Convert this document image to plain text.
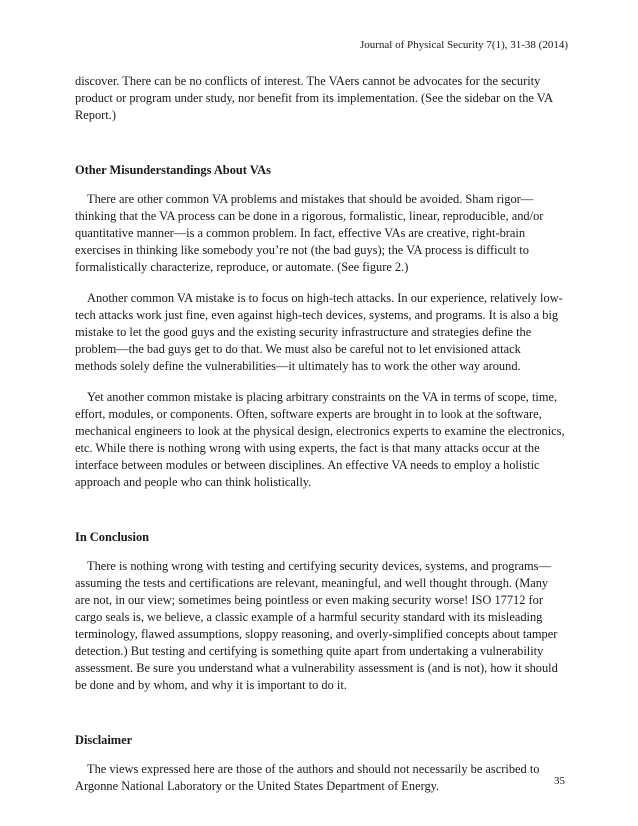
Journal of Physical Security 7(1), 31-38 (2014)

discover. There can be no conflicts of interest. The VAers cannot be advocates for the security product or program under study, nor benefit from its implementation. (See the sidebar on the VA Report.)

Other Misunderstandings About VAs

There are other common VA problems and mistakes that should be avoided. Sham rigor—thinking that the VA process can be done in a rigorous, formalistic, linear, reproducible, and/or quantitative manner—is a common problem. In fact, effective VAs are creative, right-brain exercises in thinking like somebody you’re not (the bad guys); the VA process is difficult to formalistically characterize, reproduce, or automate. (See figure 2.)

Another common VA mistake is to focus on high-tech attacks. In our experience, relatively low-tech attacks work just fine, even against high-tech devices, systems, and programs. It is also a big mistake to let the good guys and the existing security infrastructure and strategies define the problem—the bad guys get to do that. We must also be careful not to let envisioned attack methods solely define the vulnerabilities—it ultimately has to work the other way around.

Yet another common mistake is placing arbitrary constraints on the VA in terms of scope, time, effort, modules, or components. Often, software experts are brought in to look at the software, mechanical engineers to look at the physical design, electronics experts to examine the electronics, etc. While there is nothing wrong with using experts, the fact is that many attacks occur at the interface between modules or between disciplines. An effective VA needs to employ a holistic approach and people who can think holistically.

In Conclusion

There is nothing wrong with testing and certifying security devices, systems, and programs—assuming the tests and certifications are relevant, meaningful, and well thought through. (Many are not, in our view; sometimes being pointless or even making security worse! ISO 17712 for cargo seals is, we believe, a classic example of a harmful security standard with its misleading terminology, flawed assumptions, sloppy reasoning, and overly-simplified concepts about tamper detection.) But testing and certifying is something quite apart from undertaking a vulnerability assessment. Be sure you understand what a vulnerability assessment is (and is not), how it should be done and by whom, and why it is important to do it.

Disclaimer

The views expressed here are those of the authors and should not necessarily be ascribed to Argonne National Laboratory or the United States Department of Energy.	35
